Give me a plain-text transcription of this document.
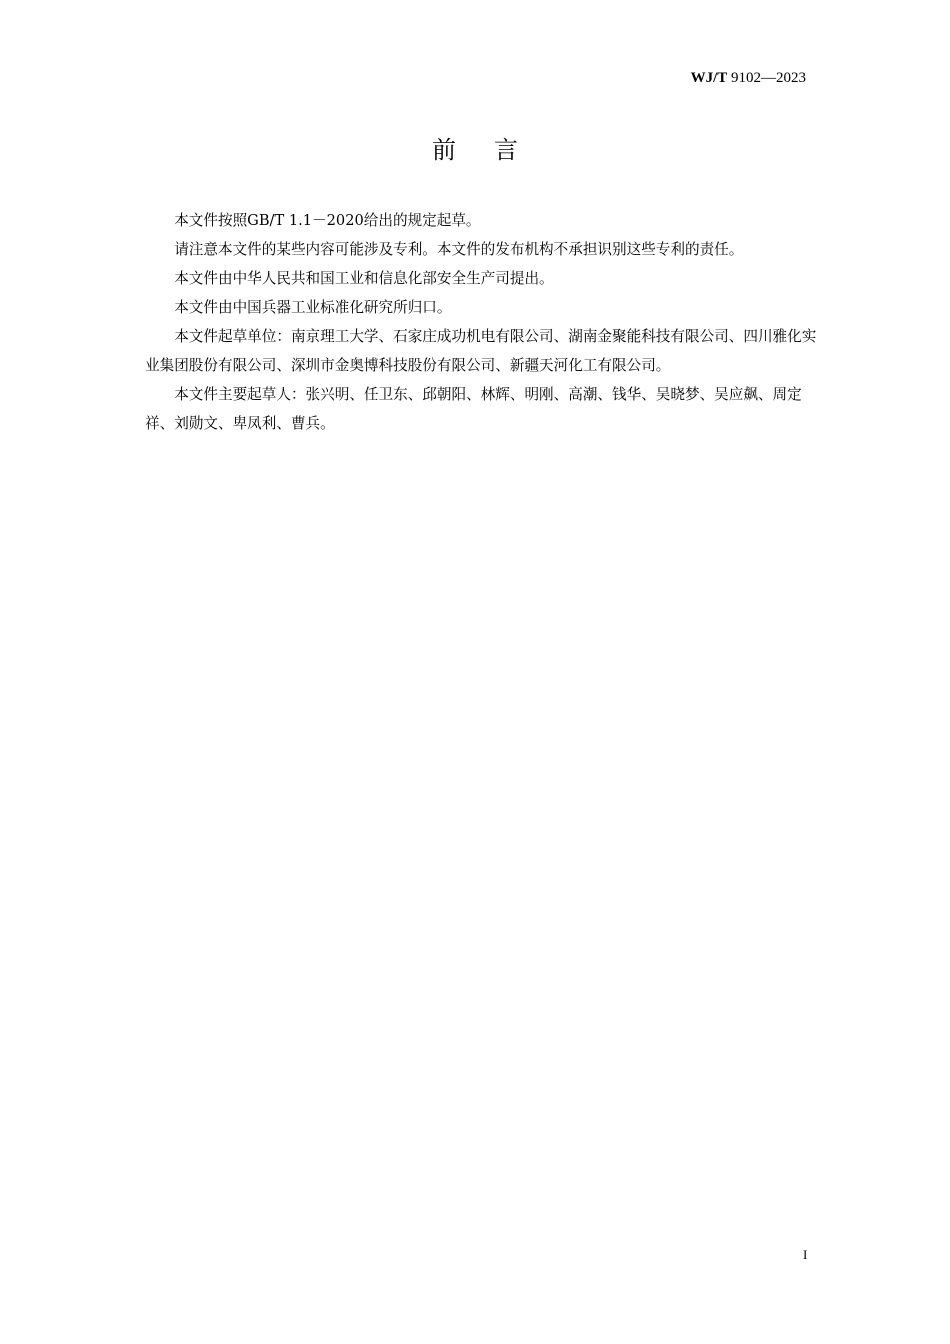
WJ/T 9102—2023
前 言

本文件按照GB/T 1.1－2020给出的规定起草。

请注意本文件的某些内容可能涉及专利。本文件的发布机构不承担识别这些专利的责任。

本文件由中华人民共和国工业和信息化部安全生产司提出。

本文件由中国兵器工业标准化研究所归口。

本文件起草单位：南京理工大学、石家庄成功机电有限公司、湖南金聚能科技有限公司、四川雅化实业集团股份有限公司、深圳市金奥博科技股份有限公司、新疆天河化工有限公司。

本文件主要起草人：张兴明、任卫东、邱朝阳、林辉、明刚、高潮、钱华、吴晓梦、吴应飙、周定祥、刘勋文、卑凤利、曹兵。

I
